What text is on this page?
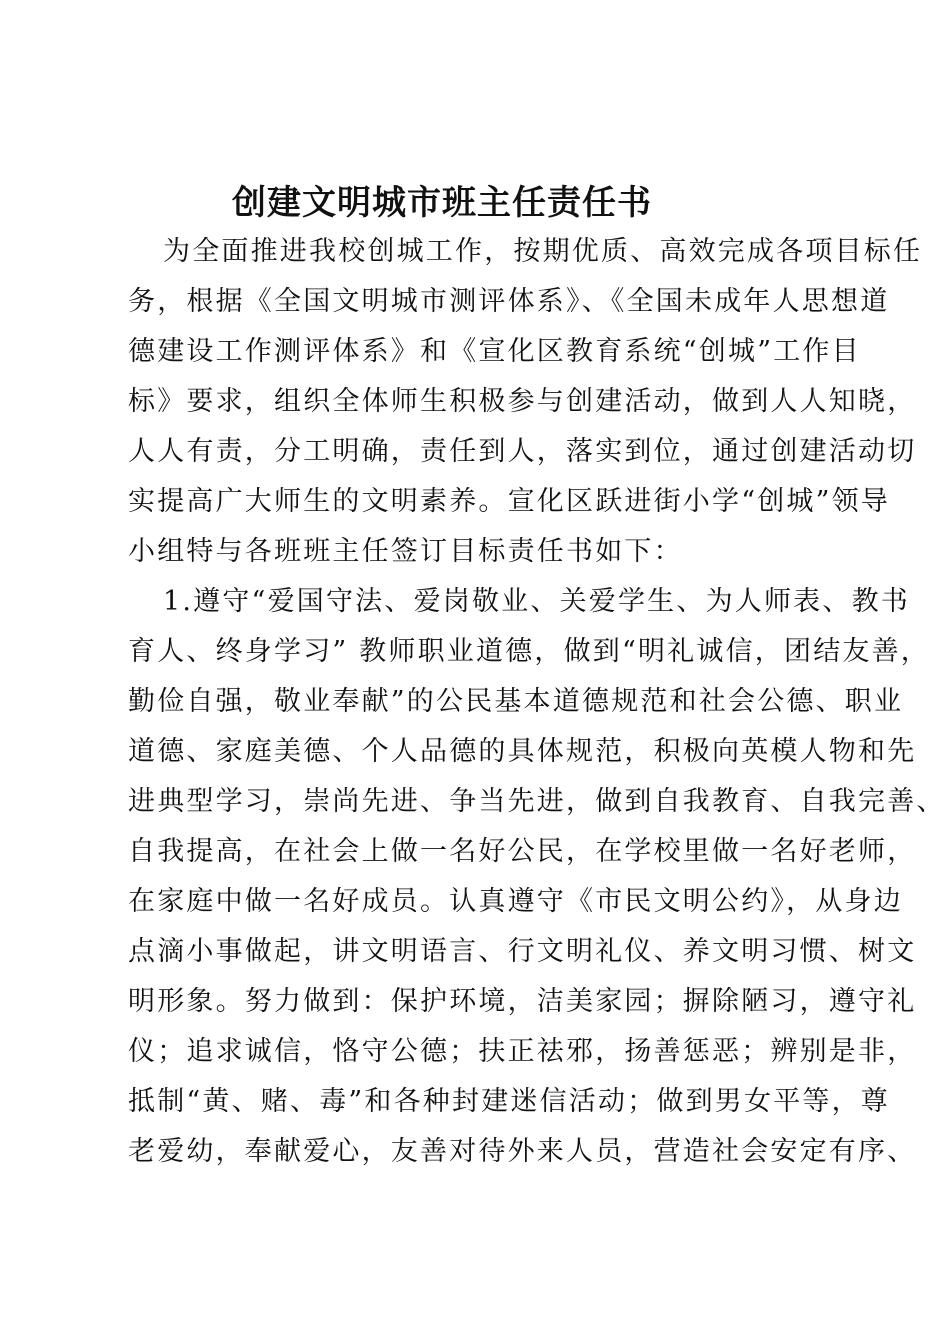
创建文明城市班主任责任书

为全面推进我校创城工作，按期优质、高效完成各项目标任

务，根据《全国文明城市测评体系》、《全国未成年人思想道

德建设工作测评体系》和《宣化区教育系统“创城”工作目

标》要求，组织全体师生积极参与创建活动，做到人人知晓，

人人有责，分工明确，责任到人，落实到位，通过创建活动切

实提高广大师生的文明素养。宣化区跃进街小学“创城”领导

小组特与各班班主任签订目标责任书如下：

1.遵守“爱国守法、爱岗敬业、关爱学生、为人师表、教书

育人、终身学习” 教师职业道德，做到“明礼诚信，团结友善，

勤俭自强，敬业奉献”的公民基本道德规范和社会公德、职业

道德、家庭美德、个人品德的具体规范，积极向英模人物和先

进典型学习，崇尚先进、争当先进，做到自我教育、自我完善、

自我提高，在社会上做一名好公民，在学校里做一名好老师，

在家庭中做一名好成员。认真遵守《市民文明公约》，从身边

点滴小事做起，讲文明语言、行文明礼仪、养文明习惯、树文

明形象。努力做到：保护环境，洁美家园；摒除陋习，遵守礼

仪；追求诚信，恪守公德；扶正祛邪，扬善惩恶；辨别是非，

抵制“黄、赌、毒”和各种封建迷信活动；做到男女平等，尊

老爱幼，奉献爱心，友善对待外来人员，营造社会安定有序、
